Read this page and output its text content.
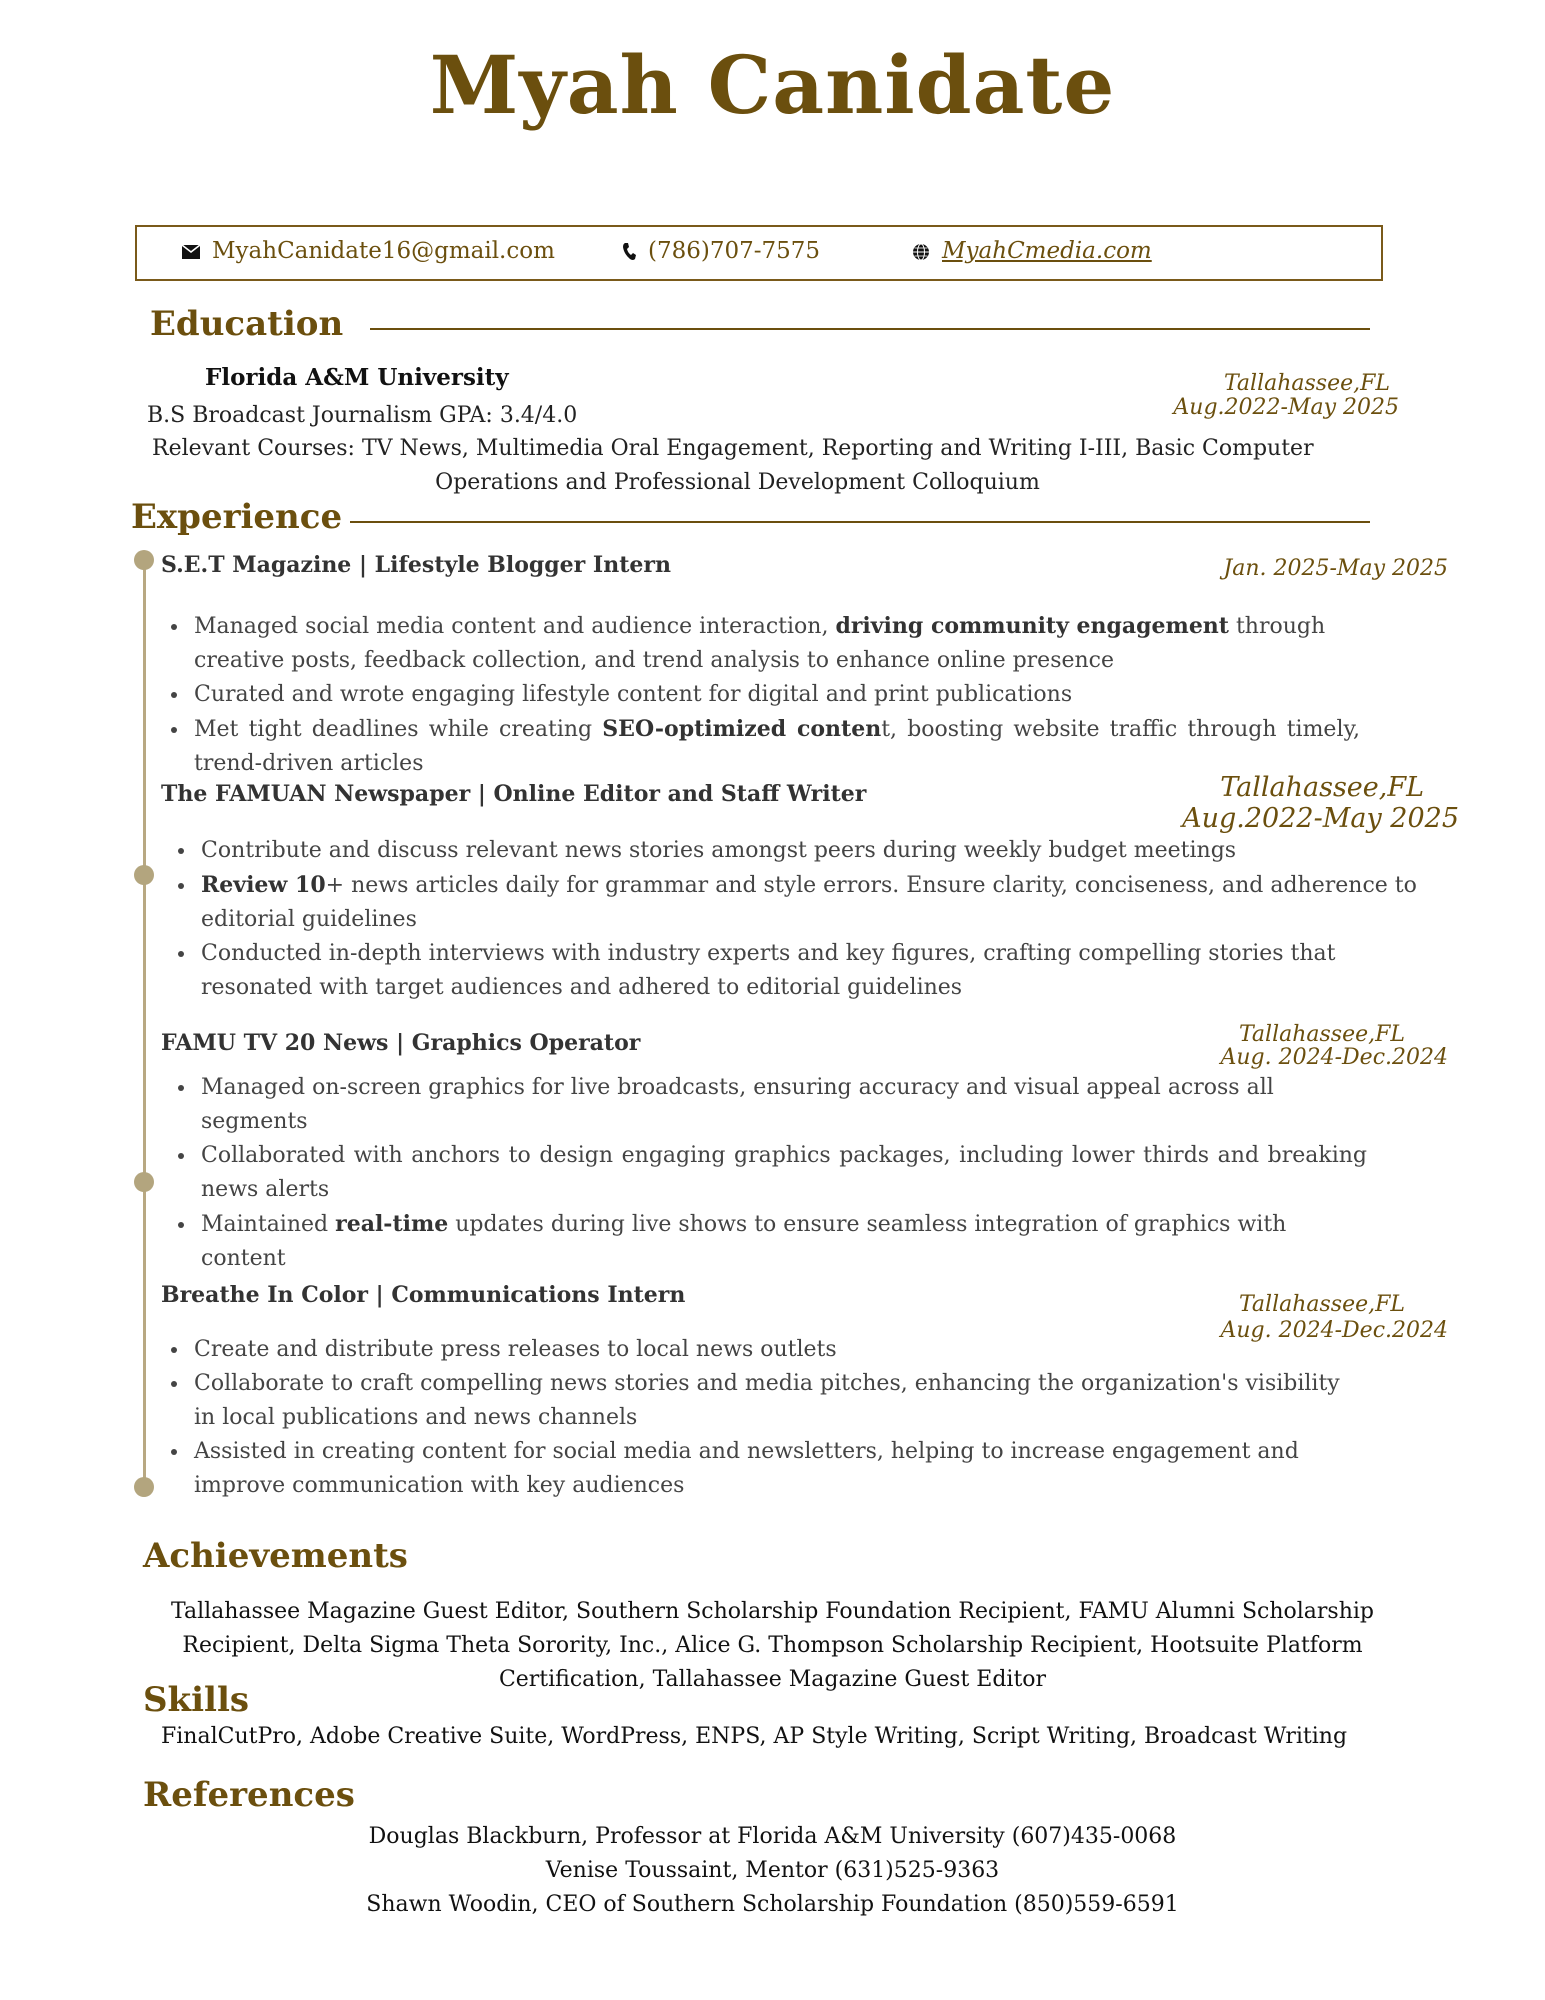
Myah Canidate
MyahCanidate16@gmail.com	(786)707-7575	MyahCmedia.com
Education
Florida A&M University
B.S Broadcast Journalism GPA: 3.4/4.0
Relevant Courses: TV News, Multimedia Oral Engagement, Reporting and Writing I-III, Basic Computer
Operations and Professional Development Colloquium
Tallahassee,FL
Aug.2022-May 2025
Experience
S.E.T Magazine | Lifestyle Blogger Intern	Jan. 2025-May 2025
• Managed social media content and audience interaction, driving community engagement through creative posts, feedback collection, and trend analysis to enhance online presence
• Curated and wrote engaging lifestyle content for digital and print publications
• Met tight deadlines while creating SEO-optimized content, boosting website traffic through timely, trend-driven articles
The FAMUAN Newspaper | Online Editor and Staff Writer	Tallahassee,FL
Aug.2022-May 2025
• Contribute and discuss relevant news stories amongst peers during weekly budget meetings
• Review 10+ news articles daily for grammar and style errors. Ensure clarity, conciseness, and adherence to editorial guidelines
• Conducted in-depth interviews with industry experts and key figures, crafting compelling stories that resonated with target audiences and adhered to editorial guidelines
FAMU TV 20 News | Graphics Operator	Tallahassee,FL
Aug. 2024-Dec.2024
• Managed on-screen graphics for live broadcasts, ensuring accuracy and visual appeal across all segments
• Collaborated with anchors to design engaging graphics packages, including lower thirds and breaking news alerts
• Maintained real-time updates during live shows to ensure seamless integration of graphics with content
Breathe In Color | Communications Intern	Tallahassee,FL
Aug. 2024-Dec.2024
• Create and distribute press releases to local news outlets
• Collaborate to craft compelling news stories and media pitches, enhancing the organization's visibility in local publications and news channels
• Assisted in creating content for social media and newsletters, helping to increase engagement and improve communication with key audiences
Achievements
Tallahassee Magazine Guest Editor, Southern Scholarship Foundation Recipient, FAMU Alumni Scholarship
Recipient, Delta Sigma Theta Sorority, Inc., Alice G. Thompson Scholarship Recipient, Hootsuite Platform
Certification, Tallahassee Magazine Guest Editor
Skills
FinalCutPro, Adobe Creative Suite, WordPress, ENPS, AP Style Writing, Script Writing, Broadcast Writing
References
Douglas Blackburn, Professor at Florida A&M University (607)435-0068
Venise Toussaint, Mentor (631)525-9363
Shawn Woodin, CEO of Southern Scholarship Foundation (850)559-6591
